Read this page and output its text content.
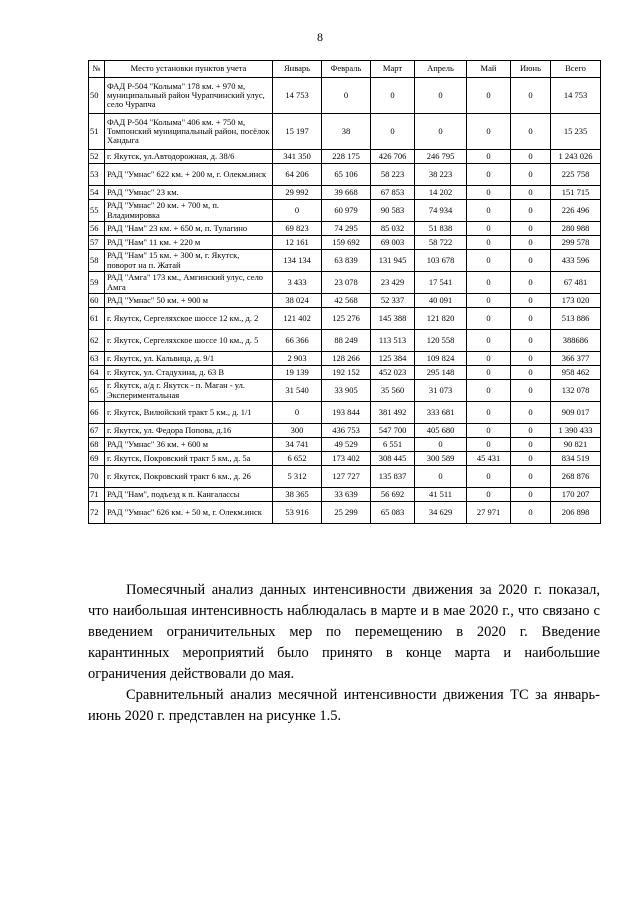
8
№	Место установки пунктов учета	Январь	Февраль	Март	Апрель	Май	Июнь	Всего
50	ФАД Р-504 "Колыма" 178 км. + 970 м, муниципальный район Чурапчинский улус, село Чурапча	14 753	0	0	0	0	0	14 753
51	ФАД Р-504 "Колыма" 406 км. + 750 м, Томпонский муниципальный район, посёлок Хандыга	15 197	38	0	0	0	0	15 235
52	г. Якутск, ул.Автодорожная, д. 38/6	341 350	228 175	426 706	246 795	0	0	1 243 026
53	РАД "Умнас" 622 км. + 200 м, г. Олекм.инск	64 206	65 106	58 223	38 223	0	0	225 758
54	РАД "Умнас" 23 км.	29 992	39 668	67 853	14 202	0	0	151 715
55	РАД "Умнас" 20 км. + 700 м, п. Владимировка	0	60 979	90 583	74 934	0	0	226 496
56	РАД "Нам" 23 км. + 650 м, п. Тулагино	69 823	74 295	85 032	51 838	0	0	280 988
57	РАД "Нам" 11 км. + 220 м	12 161	159 692	69 003	58 722	0	0	299 578
58	РАД "Нам" 15 км. + 300 м, г. Якутск, поворот на п. Жатай	134 134	63 839	131 945	103 678	0	0	433 596
59	РАД "Амга" 173 км., Амгинский улус, село Амга	3 433	23 078	23 429	17 541	0	0	67 481
60	РАД "Умнас" 50 км. + 900 м	38 024	42 568	52 337	40 091	0	0	173 020
61	г. Якутск, Сергеляхское шоссе 12 км., д. 2	121 402	125 276	145 388	121 820	0	0	513 886
62	г. Якутск, Сергеляхское шоссе 10 км., д. 5	66 366	88 249	113 513	120 558	0	0	388686
63	г. Якутск, ул. Кальвица, д. 9/1	2 903	128 266	125 384	109 824	0	0	366 377
64	г. Якутск, ул. Стадухина, д. 63 В	19 139	192 152	452 023	295 148	0	0	958 462
65	г. Якутск, а/д г. Якутск - п. Маган - ул. Экспериментальная	31 540	33 905	35 560	31 073	0	0	132 078
66	г. Якутск, Вилюйский тракт 5 км., д. 1/1	0	193 844	381 492	333 681	0	0	909 017
67	г. Якутск, ул. Федора Попова, д.16	300	436 753	547 700	405 680	0	0	1 390 433
68	РАД "Умнас" 36 км. + 600 м	34 741	49 529	6 551	0	0	0	90 821
69	г. Якутск, Покровский тракт 5 км., д. 5а	6 652	173 402	308 445	300 589	45 431	0	834 519
70	г. Якутск, Покровский тракт 6 км., д. 26	5 312	127 727	135 837	0	0	0	268 876
71	РАД "Нам", подъезд к п. Кангалассы	38 365	33 639	56 692	41 511	0	0	170 207
72	РАД "Умнас" 626 км. + 50 м, г. Олекм.инск	53 916	25 299	65 083	34 629	27 971	0	206 898

Помесячный анализ данных интенсивности движения за 2020 г. показал, что наибольшая интенсивность наблюдалась в марте и в мае 2020 г., что связано с введением ограничительных мер по перемещению в 2020 г. Введение карантинных мероприятий было принято в конце марта и наибольшие ограничения действовали до мая.

Сравнительный анализ месячной интенсивности движения ТС за январь-июнь 2020 г. представлен на рисунке 1.5.
